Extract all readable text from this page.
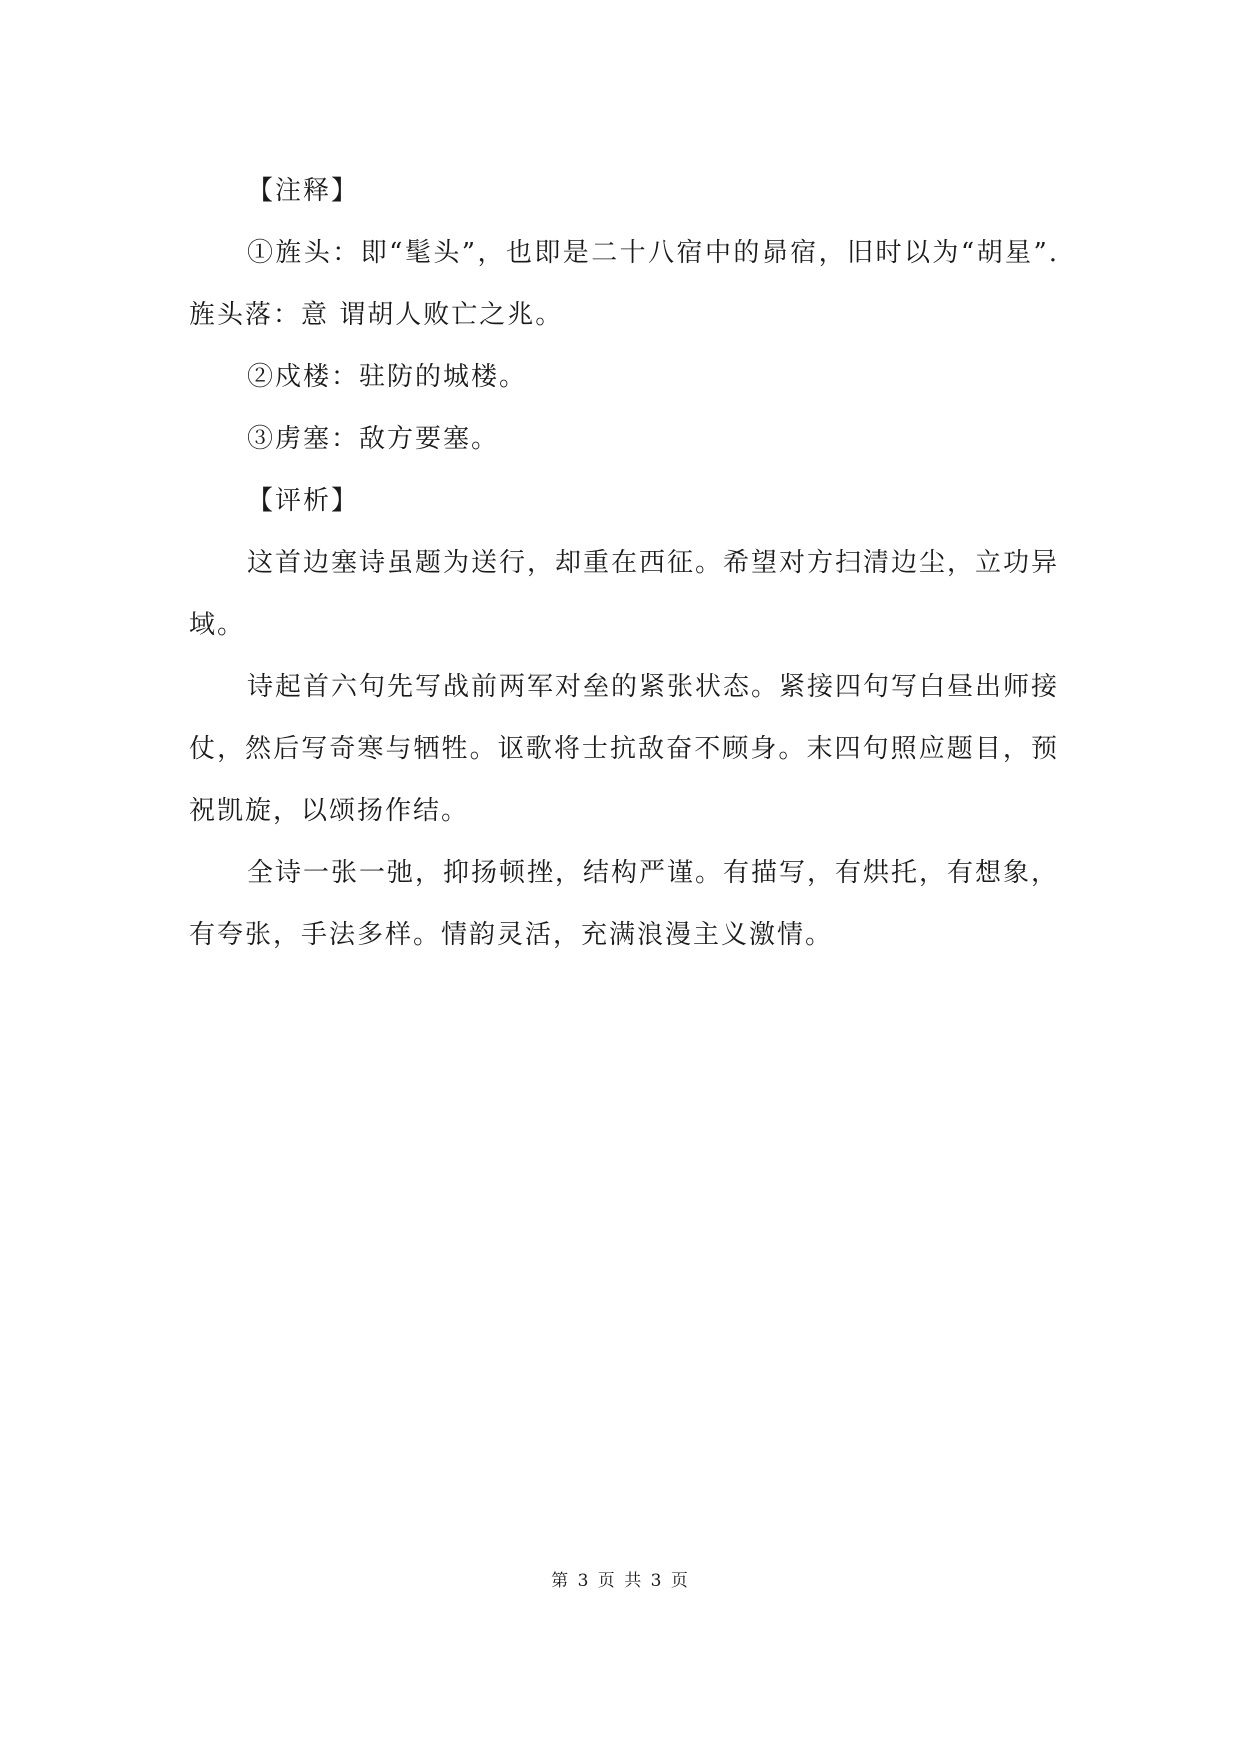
【注释】

①旌头：即“髦头”，也即是二十八宿中的昴宿，旧时以为“胡星”.旌头落：意 谓胡人败亡之兆。

②戍楼：驻防的城楼。

③虏塞：敌方要塞。

【评析】

这首边塞诗虽题为送行，却重在西征。希望对方扫清边尘，立功异域。

诗起首六句先写战前两军对垒的紧张状态。紧接四句写白昼出师接仗，然后写奇寒与牺牲。讴歌将士抗敌奋不顾身。末四句照应题目，预祝凯旋，以颂扬作结。

全诗一张一弛，抑扬顿挫，结构严谨。有描写，有烘托，有想象，有夸张，手法多样。情韵灵活，充满浪漫主义激情。

第 3 页 共 3 页
